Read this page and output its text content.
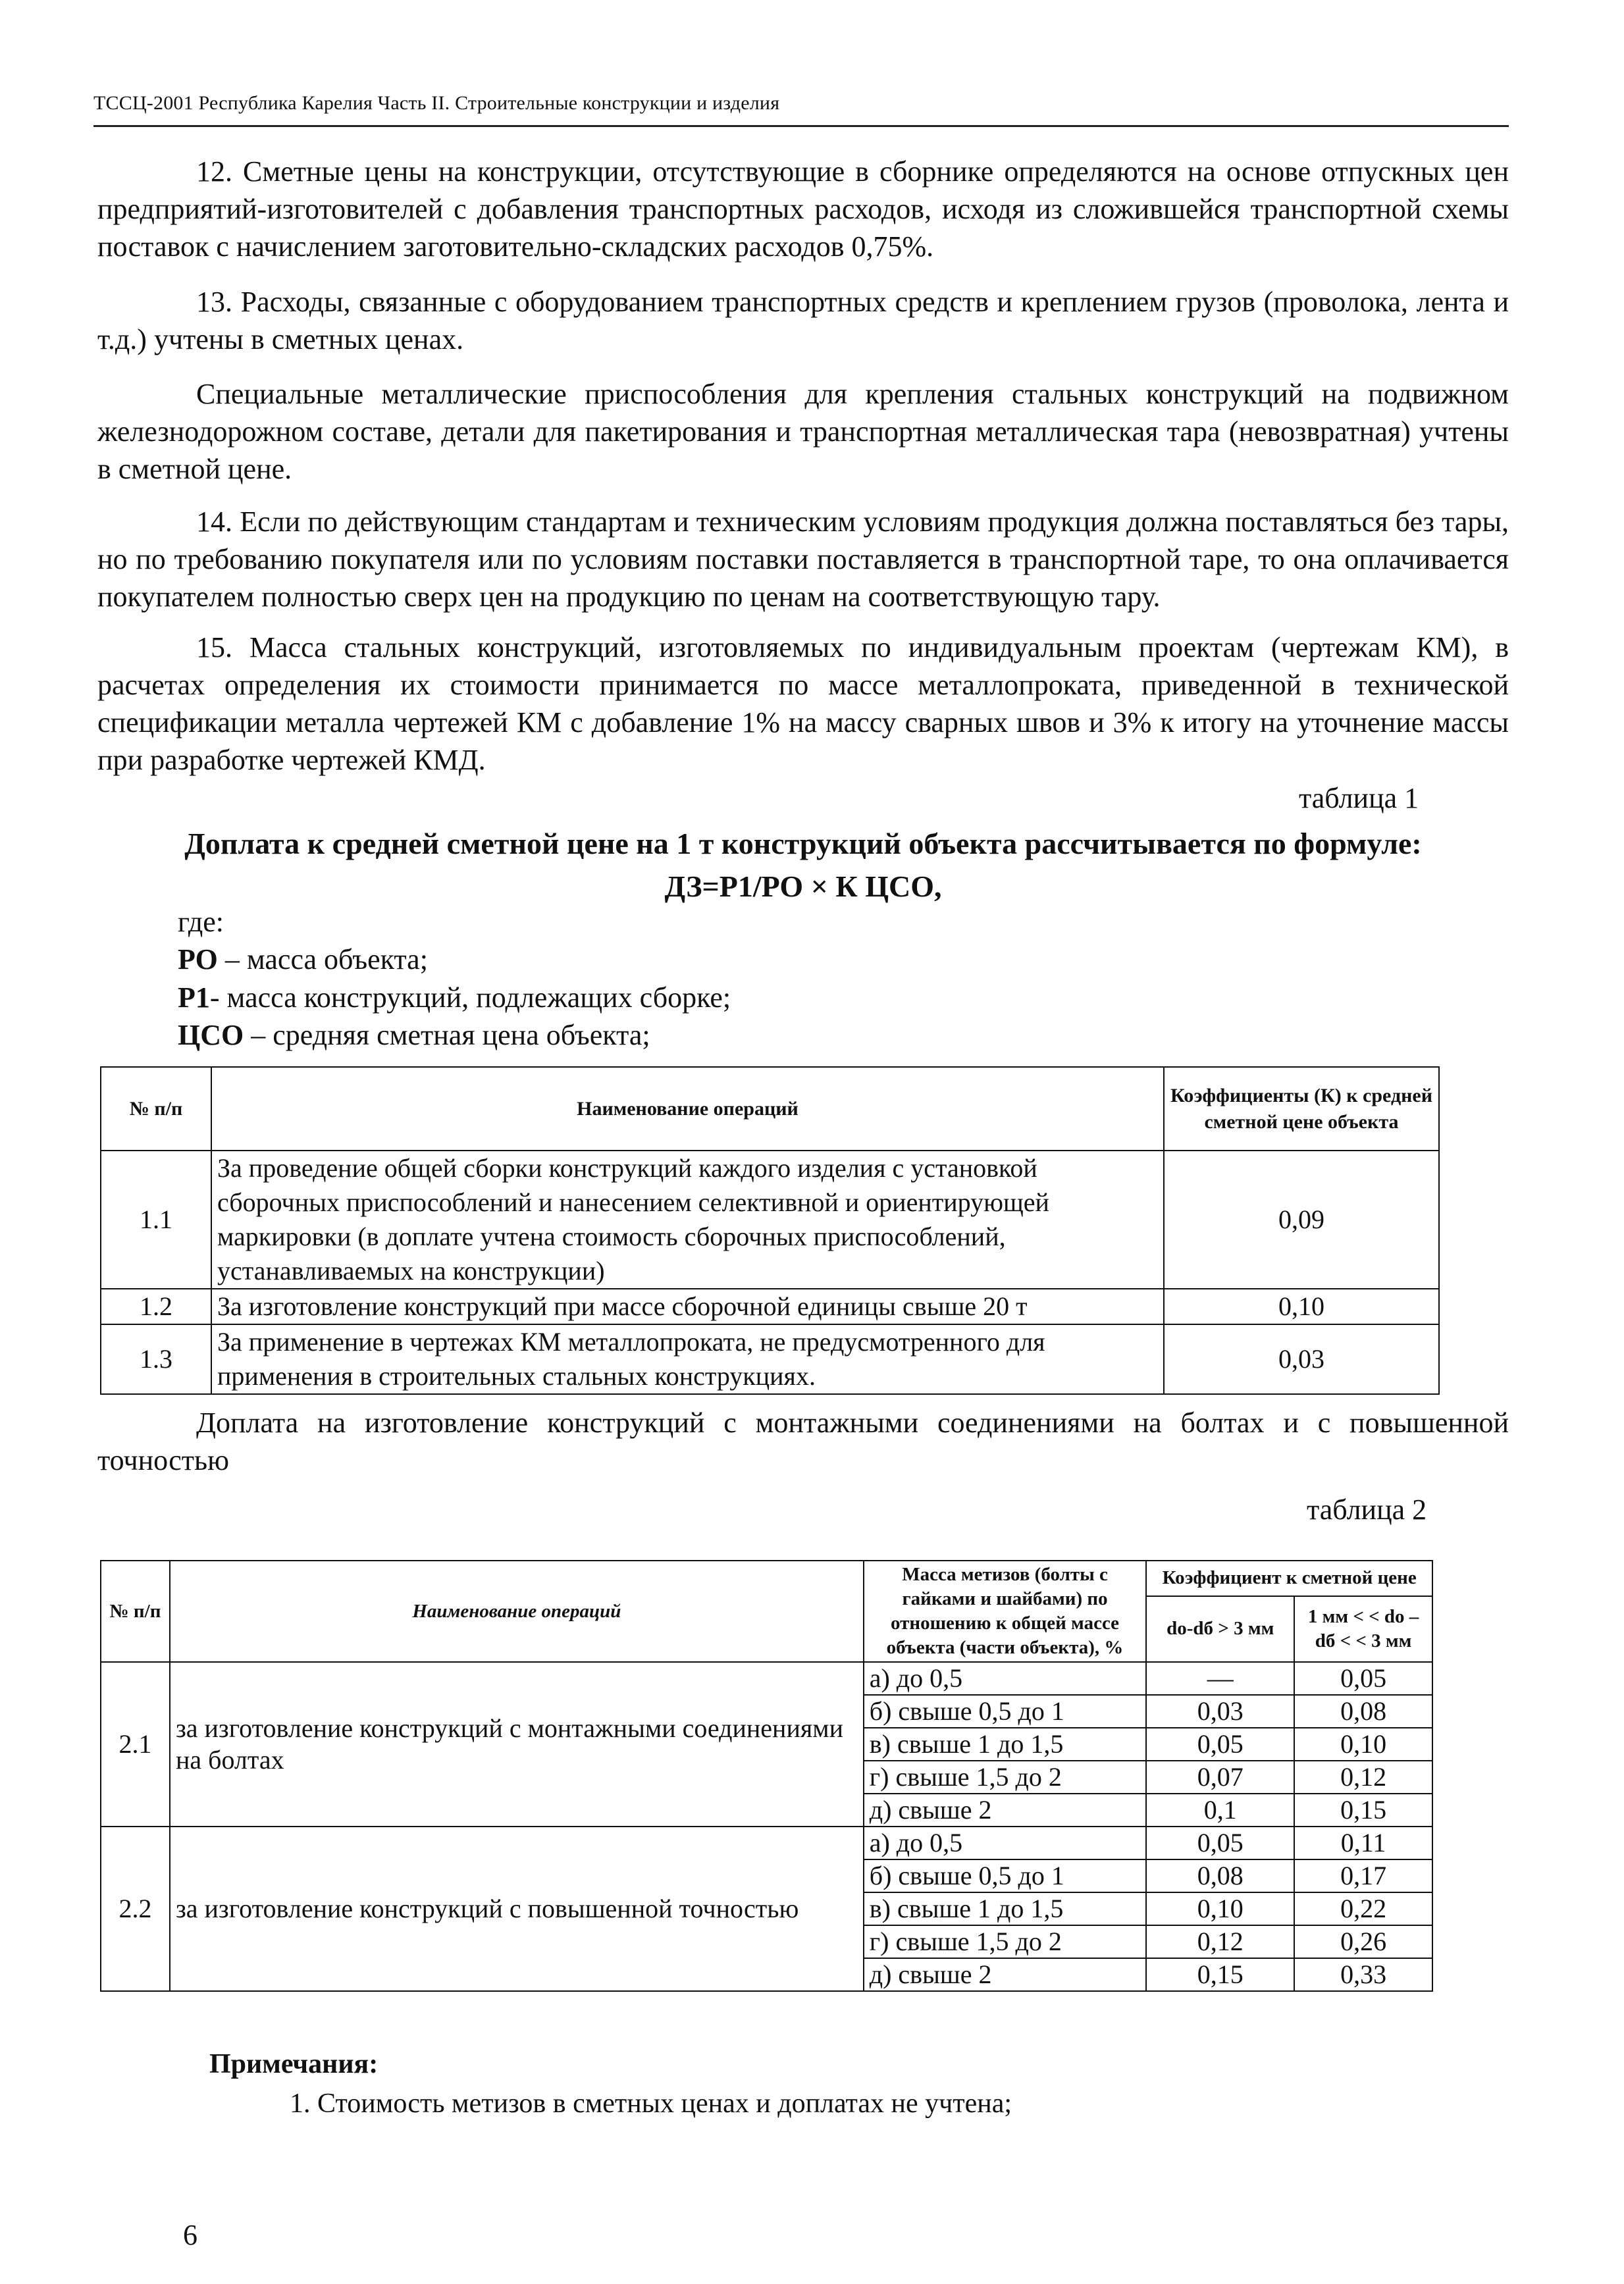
ТССЦ-2001 Республика Карелия Часть II. Строительные конструкции и изделия

12. Сметные цены на конструкции, отсутствующие в сборнике определяются на основе отпускных цен предприятий-изготовителей с добавления транспортных расходов, исходя из сложившейся транспортной схемы поставок с начислением заготовительно-складских расходов 0,75%.

13. Расходы, связанные с оборудованием транспортных средств и креплением грузов (проволока, лента и т.д.) учтены в сметных ценах.

Специальные металлические приспособления для крепления стальных конструкций на подвижном железнодорожном составе, детали для пакетирования и транспортная металлическая тара (невозвратная) учтены в сметной цене.

14. Если по действующим стандартам и техническим условиям продукция должна поставляться без тары, но по требованию покупателя или по условиям поставки поставляется в транспортной таре, то она оплачивается покупателем полностью сверх цен на продукцию по ценам на соответствующую тару.

15. Масса стальных конструкций, изготовляемых по индивидуальным проектам (чертежам КМ), в расчетах определения их стоимости принимается по массе металлопроката, приведенной в технической спецификации металла чертежей КМ с добавление 1% на массу сварных швов и 3% к итогу на уточнение массы при разработке чертежей КМД.

таблица 1
Доплата к средней сметной цене на 1 т конструкций объекта рассчитывается по формуле:
ДЗ=Р1/РО × К ЦСО,
где:
РО – масса объекта;
Р1- масса конструкций, подлежащих сборке;
ЦСО – средняя сметная цена объекта;
№ п/п	Наименование операций	Коэффициенты (К) к средней сметной цене объекта
1.1	За проведение общей сборки конструкций каждого изделия с установкой сборочных приспособлений и нанесением селективной и ориентирующей маркировки (в доплате учтена стоимость сборочных приспособлений, устанавливаемых на конструкции)	0,09
1.2	За изготовление конструкций при массе сборочной единицы свыше 20 т	0,10
1.3	За применение в чертежах КМ металлопроката, не предусмотренного для применения в строительных стальных конструкциях.	0,03

Доплата на изготовление конструкций с монтажными соединениями на болтах и с повышенной точностью

таблица 2
№ п/п	Наименование операций	Масса метизов (болты с гайками и шайбами) по отношению к общей массе объекта (части объекта), %	Коэффициент к сметной цене	
			dо-dб > 3 мм	1 мм < < dо – dб < < 3 мм
2.1	за изготовление конструкций с монтажными соединениями на болтах	а) до 0,5	—	0,05
		б) свыше 0,5 до 1	0,03	0,08
		в) свыше 1 до 1,5	0,05	0,10
		г) свыше 1,5 до 2	0,07	0,12
		д) свыше 2	0,1	0,15
2.2	за изготовление конструкций с повышенной точностью	а) до 0,5	0,05	0,11
		б) свыше 0,5 до 1	0,08	0,17
		в) свыше 1 до 1,5	0,10	0,22
		г) свыше 1,5 до 2	0,12	0,26
		д) свыше 2	0,15	0,33
Примечания:
1. Стоимость метизов в сметных ценах и доплатах не учтена;
6
